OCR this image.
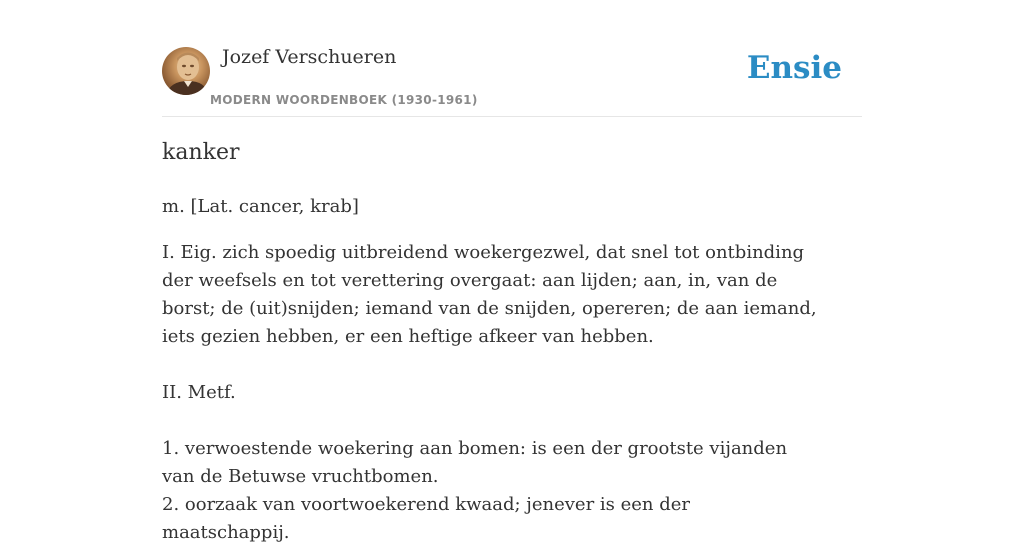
Jozef Verschueren
MODERN WOORDENBOEK (1930-1961)
Ensie
kanker

m. [Lat. cancer, krab]

I. Eig. zich spoedig uitbreidend woekergezwel, dat snel tot ontbinding der weefsels en tot verettering overgaat: aan lijden; aan, in, van de borst; de (uit)snijden; iemand van de snijden, opereren; de aan iemand, iets gezien hebben, er een heftige afkeer van hebben.

II. Metf.

1. verwoestende woekering aan bomen: is een der grootste vijanden van de Betuwse vruchtbomen.

2. oorzaak van voortwoekerend kwaad; jenever is een der maatschappij.
